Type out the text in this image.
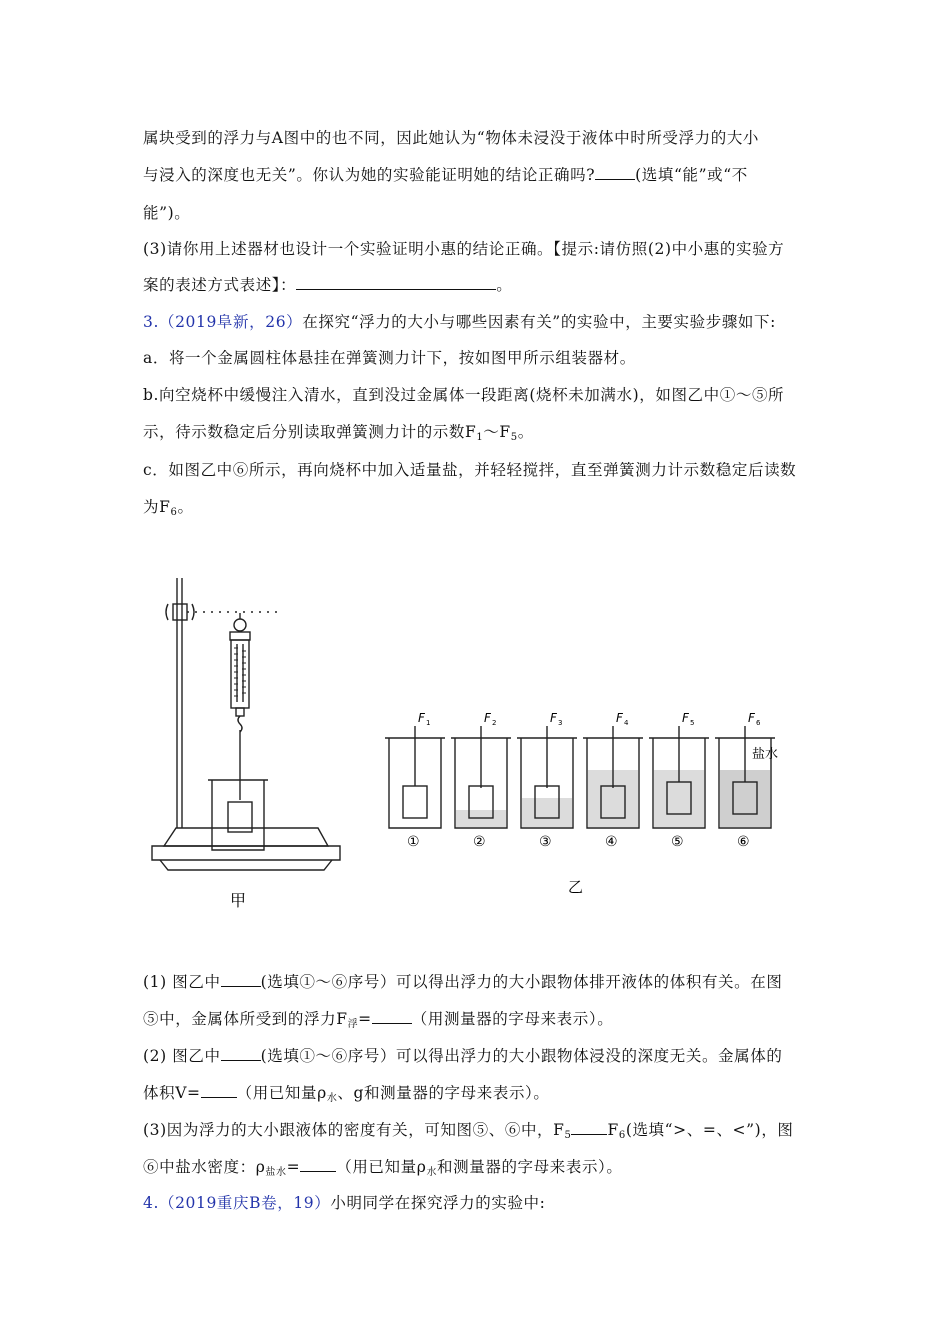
属块受到的浮力与A图中的也不同，因此她认为“物体未浸没于液体中时所受浮力的大小
与浸入的深度也无关”。你认为她的实验能证明她的结论正确吗?	(选填“能”或“不
能”)。
(3)请你用上述器材也设计一个实验证明小惠的结论正确。【提示:请仿照(2)中小惠的实验方
案的表述方式表述】：	。
3.（2019阜新，26）在探究“浮力的大小与哪些因素有关”的实验中，主要实验步骤如下:
a．将一个金属圆柱体悬挂在弹簧测力计下，按如图甲所示组装器材。
b.向空烧杯中缓慢注入清水，直到没过金属体一段距离(烧杯未加满水)，如图乙中①～⑤所
示，待示数稳定后分别读取弹簧测力计的示数$F_1\sim F_5$。
c．如图乙中⑥所示，再向烧杯中加入适量盐，并轻轻搅拌，直至弹簧测力计示数稳定后读数
为$F_6$。
甲
F 1	F 2	F 3	F 4	F 5	F 6
盐水
①	②	③	④	⑤	⑥
乙
(1) 图乙中	(选填①～⑥序号）可以得出浮力的大小跟物体排开液体的体积有关。在图
⑤中，金属体所受到的浮力$F_浮=$	（用测量器的字母来表示）。
(2) 图乙中	(选填①～⑥序号）可以得出浮力的大小跟物体浸没的深度无关。金属体的
体积V= （用已知量$\rho_水$、g和测量器的字母来表示）。
(3)因为浮力的大小跟液体的密度有关，可知图⑤、⑥中，$F_5$ $F_6$(选填“>、=、<”)，图
⑥中盐水密度：$\rho_{盐水}=$ （用已知量$\rho_水$和测量器的字母来表示）。
4.（2019重庆B卷，19）小明同学在探究浮力的实验中:
